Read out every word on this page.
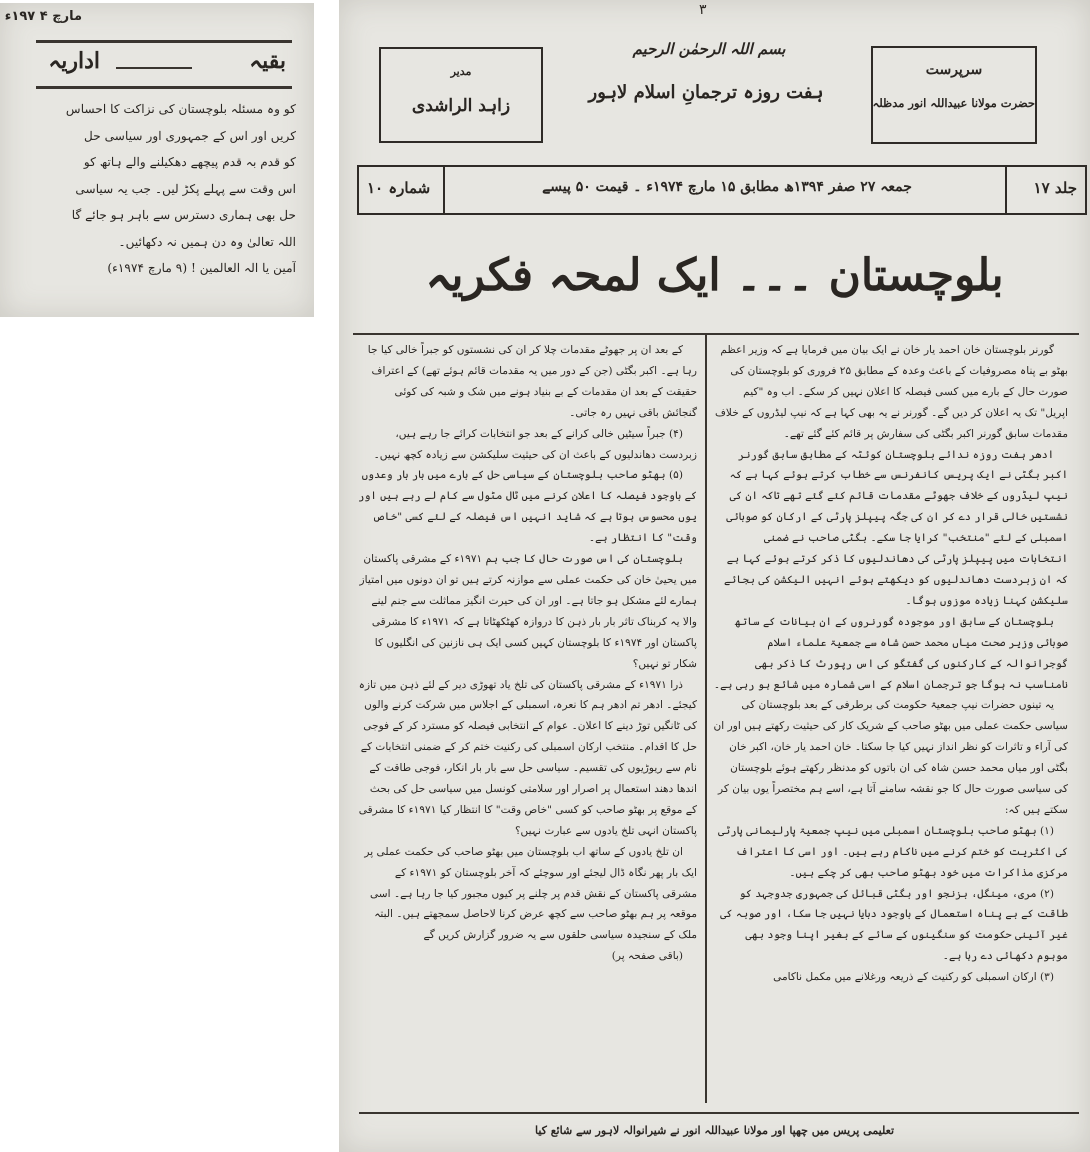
مارچ ۴ ۱۹۷ء
بقیہ
اداریہ
کو وہ مسئلہ بلوچستان کی نزاکت کا احساس
کریں اور اس کے جمہوری اور سیاسی حل
کو قدم بہ قدم پیچھے دھکیلنے والے ہاتھ کو
اس وقت سے پہلے پکڑ لیں۔ جب یہ سیاسی
حل بھی ہماری دسترس سے باہر ہو جائے گا
اللہ تعالیٰ وہ دن ہمیں نہ دکھائیں۔
آمین یا الہ العالمین ! (۹ مارچ ۱۹۷۴ء)
۳
سرپرست
حضرت مولانا عبیداللہ انور مدظلہ
بسم اللہ الرحمٰن الرحیم
ہفت روزہ ترجمانِ اسلام لاہور
مدیر
زاہد الراشدی
جلد ۱۷
جمعہ ۲۷ صفر ۱۳۹۴ھ مطابق ۱۵ مارچ ۱۹۷۴ء ۔ قیمت ۵۰ پیسے
شمارہ ۱۰
بلوچستان ۔۔۔ ایک لمحہ فکریہ

گورنر بلوچستان خان احمد یار خان نے ایک بیان میں فرمایا ہے کہ وزیر اعظم بھٹو بے پناہ مصروفیات کے باعث وعدہ کے مطابق ۲۵ فروری کو بلوچستان کی صورت حال کے بارے میں کسی فیصلہ کا اعلان نہیں کر سکے۔ اب وہ "کیم اپریل" تک یہ اعلان کر دیں گے۔ گورنر نے یہ بھی کہا ہے کہ نیپ لیڈروں کے خلاف مقدمات سابق گورنر اکبر بگٹی کی سفارش پر قائم کئے گئے تھے۔

ادھر ہفت روزہ ندائے بلوچستان کوئٹہ کے مطابق سابق گورنر اکبر بگٹی نے ایک پریس کانفرنس سے خطاب کرتے ہوئے کہا ہے کہ نیپ لیڈروں کے خلاف جھوٹے مقدمات قائم کئے گئے تھے تاکہ ان کی نشستیں خالی قرار دے کر ان کی جگہ پیپلز پارٹی کے ارکان کو صوبائی اسمبلی کے لئے "منتخب" کرایا جا سکے۔ بگٹی صاحب نے ضمنی انتخابات میں پیپلز پارٹی کی دھاندلیوں کا ذکر کرتے ہوئے کہا ہے کہ ان زبردست دھاندلیوں کو دیکھتے ہوئے انہیں الیکشن کی بجائے سلیکشن کہنا زیادہ موزوں ہوگا۔

بلوچستان کے سابق اور موجودہ گورنروں کے ان بیانات کے ساتھ صوبائی وزیر صحت میاں محمد حسن شاہ سے جمعیۃ علماء اسلام گوجرانوالہ کے کارکنوں کی گفتگو کی اس رپورٹ کا ذکر بھی نامناسب نہ ہوگا جو ترجمان اسلام کے اسی شمارہ میں شائع ہو رہی ہے۔

یہ تینوں حضرات نیپ جمعیۃ حکومت کی برطرفی کے بعد بلوچستان کی سیاسی حکمت عملی میں بھٹو صاحب کے شریک کار کی حیثیت رکھتے ہیں اور ان کی آراء و تاثرات کو نظر انداز نہیں کیا جا سکتا۔ خان احمد یار خان، اکبر خان بگٹی اور میاں محمد حسن شاہ کی ان باتوں کو مدنظر رکھتے ہوئے بلوچستان کی سیاسی صورت حال کا جو نقشہ سامنے آتا ہے، اسے ہم مختصراً یوں بیان کر سکتے ہیں کہ:

(۱) بھٹو صاحب بلوچستان اسمبلی میں نیپ جمعیۃ پارلیمانی پارٹی کی اکثریت کو ختم کرنے میں ناکام رہے ہیں۔ اور اسی کا اعتراف مرکزی مذاکرات میں خود بھٹو صاحب بھی کر چکے ہیں۔

(۲) مری، مینگل، بزنجو اور بگٹی قبائل کی جمہوری جدوجہد کو طاقت کے بے پناہ استعمال کے باوجود دبایا نہیں جا سکا، اور صوبہ کی غیر آئینی حکومت کو سنگینوں کے سائے کے بغیر اپنا وجود بھی موہوم دکھائی دے رہا ہے۔

(۳) ارکان اسمبلی کو رکنیت کے ذریعہ ورغلانے میں مکمل ناکامی

کے بعد ان پر جھوٹے مقدمات چلا کر ان کی نشستوں کو جبراً خالی کیا جا رہا ہے۔ اکبر بگٹی (جن کے دور میں یہ مقدمات قائم ہوئے تھے) کے اعتراف حقیقت کے بعد ان مقدمات کے بے بنیاد ہونے میں شک و شبہ کی کوئی گنجائش باقی نہیں رہ جاتی۔

(۴) جبراً سیٹیں خالی کرانے کے بعد جو انتخابات کرائے جا رہے ہیں، زبردست دھاندلیوں کے باعث ان کی حیثیت سلیکشن سے زیادہ کچھ نہیں۔

(۵) بھٹو صاحب بلوچستان کے سیاسی حل کے بارے میں بار بار وعدوں کے باوجود فیصلہ کا اعلان کرنے میں ٹال مٹول سے کام لے رہے ہیں اور یوں محسوس ہوتا ہے کہ شاید انہیں اس فیصلہ کے لئے کسی "خاص وقت" کا انتظار ہے۔

بلوچستان کی اس صورت حال کا جب ہم ۱۹۷۱ء کے مشرقی پاکستان میں یحییٰ خان کی حکمت عملی سے موازنہ کرتے ہیں تو ان دونوں میں امتیاز ہمارے لئے مشکل ہو جاتا ہے۔ اور ان کی حیرت انگیز مماثلت سے جنم لینے والا یہ کربناک تاثر بار بار ذہن کا دروازہ کھٹکھٹاتا ہے کہ ۱۹۷۱ء کا مشرقی پاکستان اور ۱۹۷۴ء کا بلوچستان کہیں کسی ایک ہی نازنین کی انگلیوں کا شکار تو نہیں؟

ذرا ۱۹۷۱ء کے مشرقی پاکستان کی تلخ یاد تھوڑی دیر کے لئے ذہن میں تازہ کیجئے۔ ادھر تم ادھر ہم کا نعرہ، اسمبلی کے اجلاس میں شرکت کرنے والوں کی ٹانگیں توڑ دینے کا اعلان۔ عوام کے انتخابی فیصلہ کو مسترد کر کے فوجی حل کا اقدام۔ منتخب ارکان اسمبلی کی رکنیت ختم کر کے ضمنی انتخابات کے نام سے ریوڑیوں کی تقسیم۔ سیاسی حل سے بار بار انکار، فوجی طاقت کے اندھا دھند استعمال پر اصرار اور سلامتی کونسل میں سیاسی حل کی بحث کے موقع پر بھٹو صاحب کو کسی "خاص وقت" کا انتظار کیا ۱۹۷۱ء کا مشرقی پاکستان انہی تلخ یادوں سے عبارت نہیں؟

ان تلخ یادوں کے ساتھ اب بلوچستان میں بھٹو صاحب کی حکمت عملی پر ایک بار پھر نگاہ ڈال لیجئے اور سوچئے کہ آخر بلوچستان کو ۱۹۷۱ء کے مشرقی پاکستان کے نقش قدم پر چلنے پر کیوں مجبور کیا جا رہا ہے۔ اسی موقعہ پر ہم بھٹو صاحب سے کچھ عرض کرنا لاحاصل سمجھتے ہیں۔ البتہ ملک کے سنجیدہ سیاسی حلقوں سے یہ ضرور گزارش کریں گے

(باقی صفحہ پر)

تعلیمی پریس میں چھپا اور مولانا عبیداللہ انور نے شیرانوالہ لاہور سے شائع کیا
